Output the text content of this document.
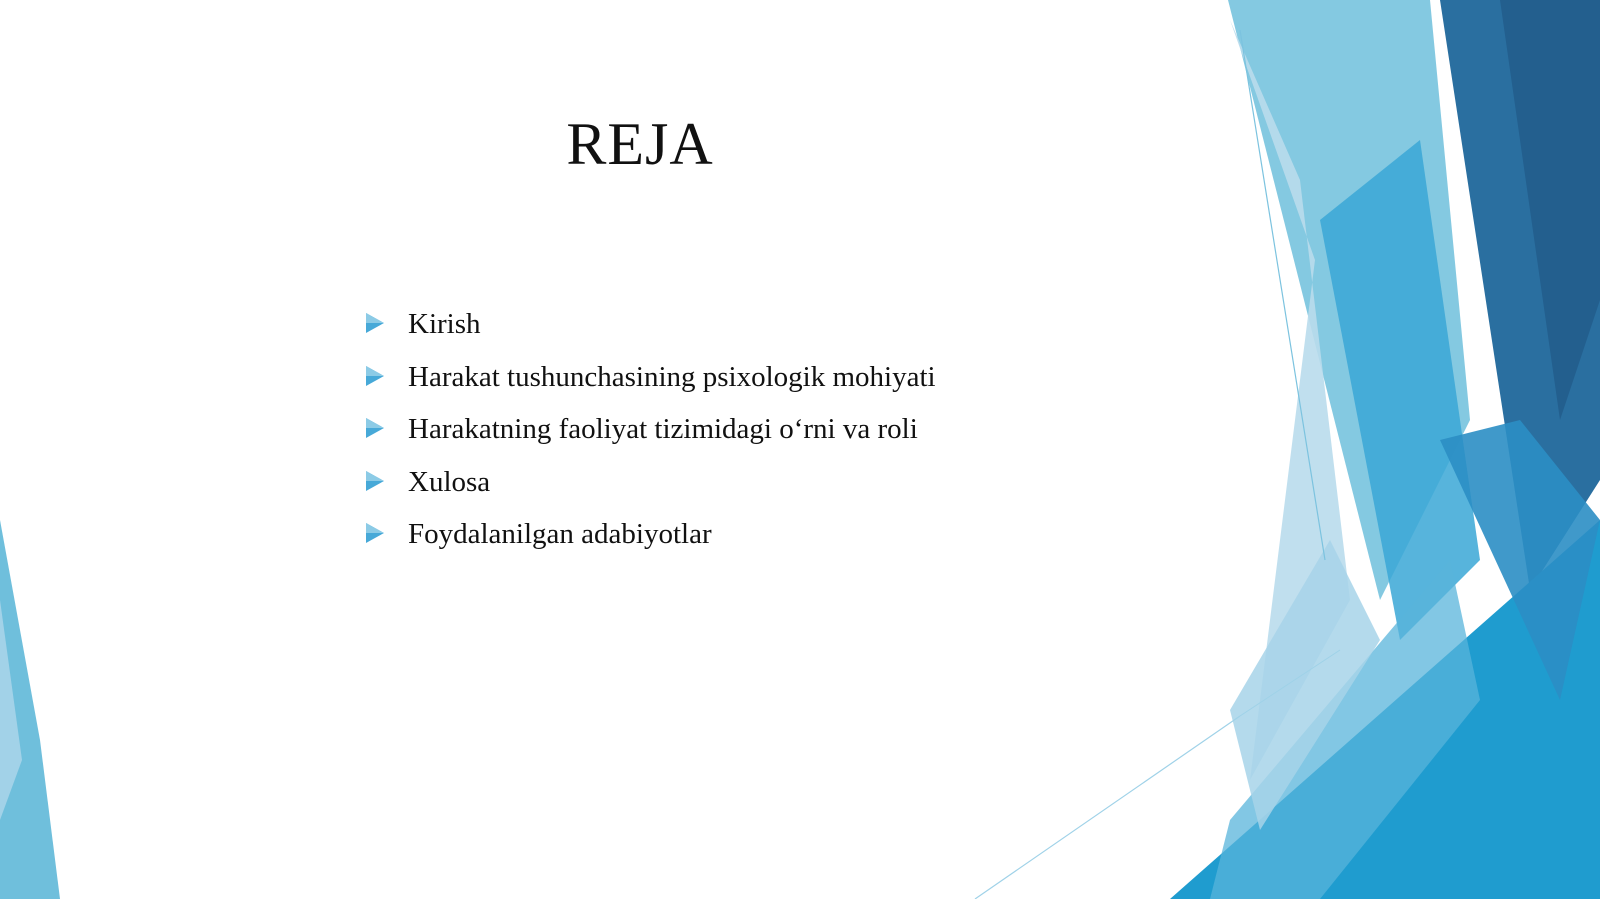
REJA
Kirish
Harakat tushunchasining psixologik mohiyati
Harakatning faoliyat tizimidagi o‘rni va roli
Xulosa
Foydalanilgan adabiyotlar
